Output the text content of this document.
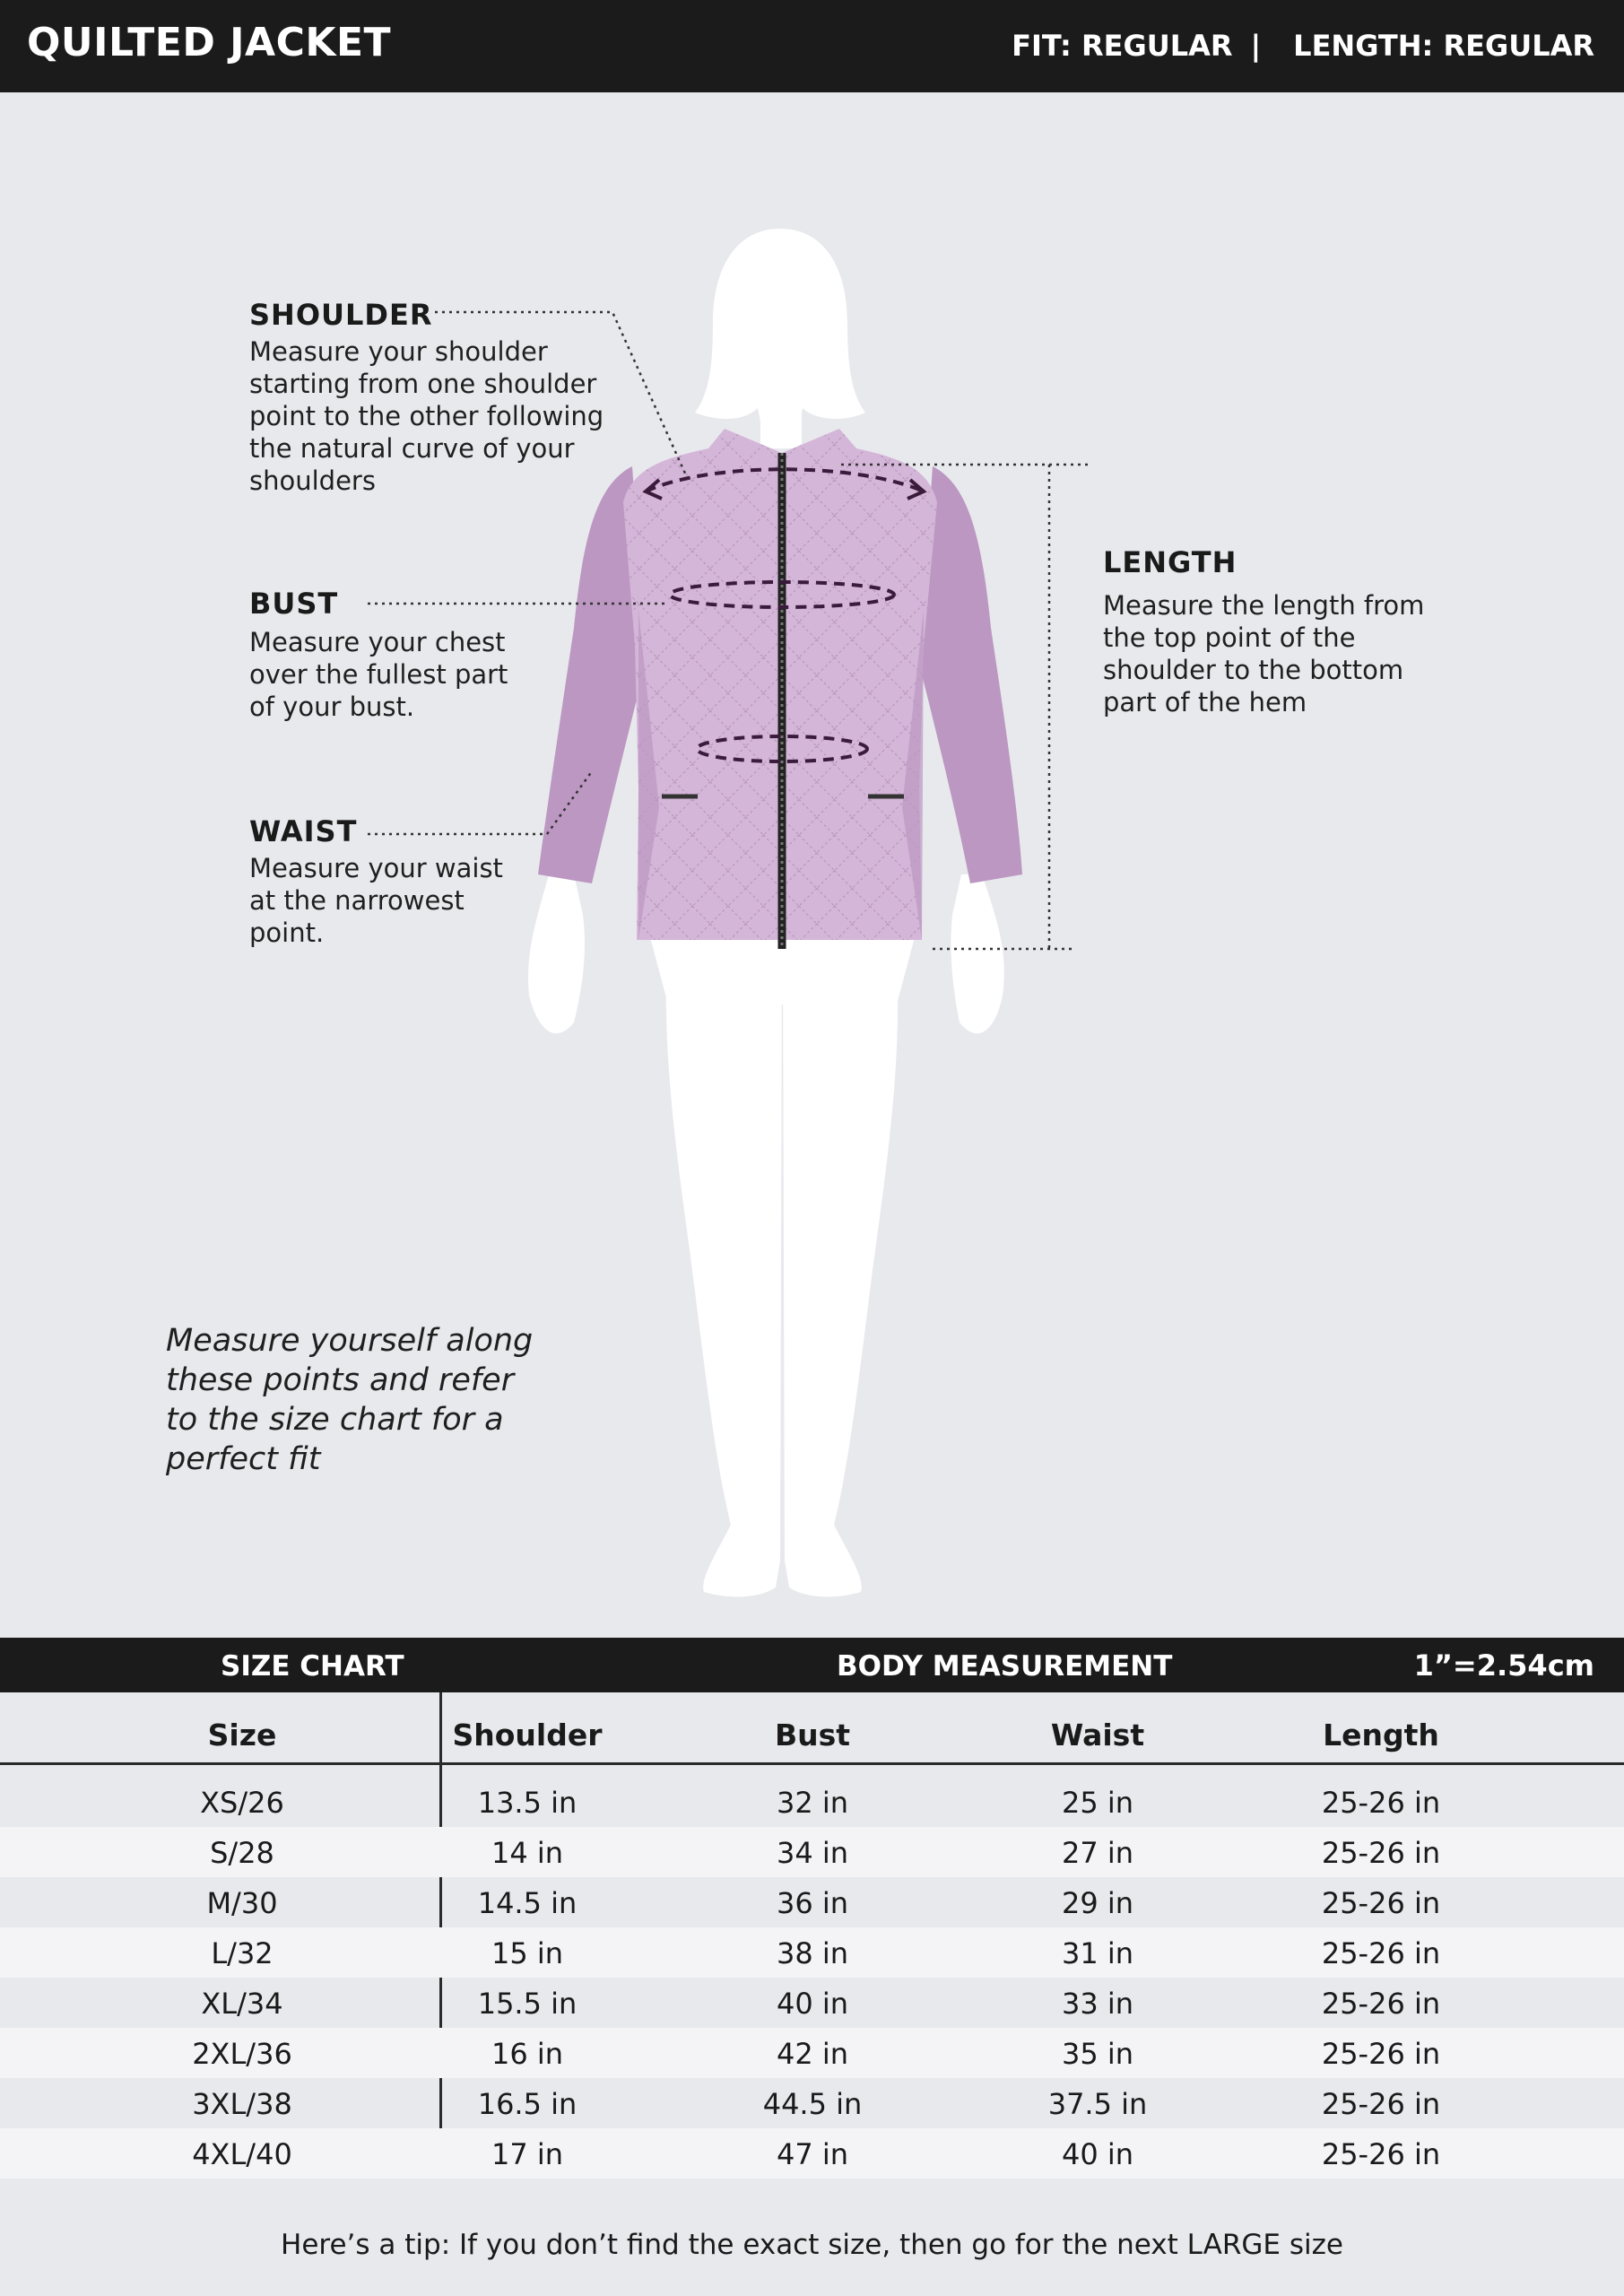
QUILTED JACKET	FIT: REGULAR | LENGTH: REGULAR
SHOULDER
Measure your shoulder starting from one shoulder point to the other following the natural curve of your shoulders
BUST
Measure your chest over the fullest part of your bust.
WAIST
Measure your waist at the narrowest point.
LENGTH
Measure the length from the top point of the shoulder to the bottom part of the hem
Measure yourself along these points and refer to the size chart for a perfect fit
SIZE CHART	BODY MEASUREMENT	1”=2.54cm
Size	Shoulder	Bust	Waist	Length
XS/26	13.5 in	32 in	25 in	25-26 in
S/28	14 in	34 in	27 in	25-26 in
M/30	14.5 in	36 in	29 in	25-26 in
L/32	15 in	38 in	31 in	25-26 in
XL/34	15.5 in	40 in	33 in	25-26 in
2XL/36	16 in	42 in	35 in	25-26 in
3XL/38	16.5 in	44.5 in	37.5 in	25-26 in
4XL/40	17 in	47 in	40 in	25-26 in
Here’s a tip: If you don’t find the exact size, then go for the next LARGE size
